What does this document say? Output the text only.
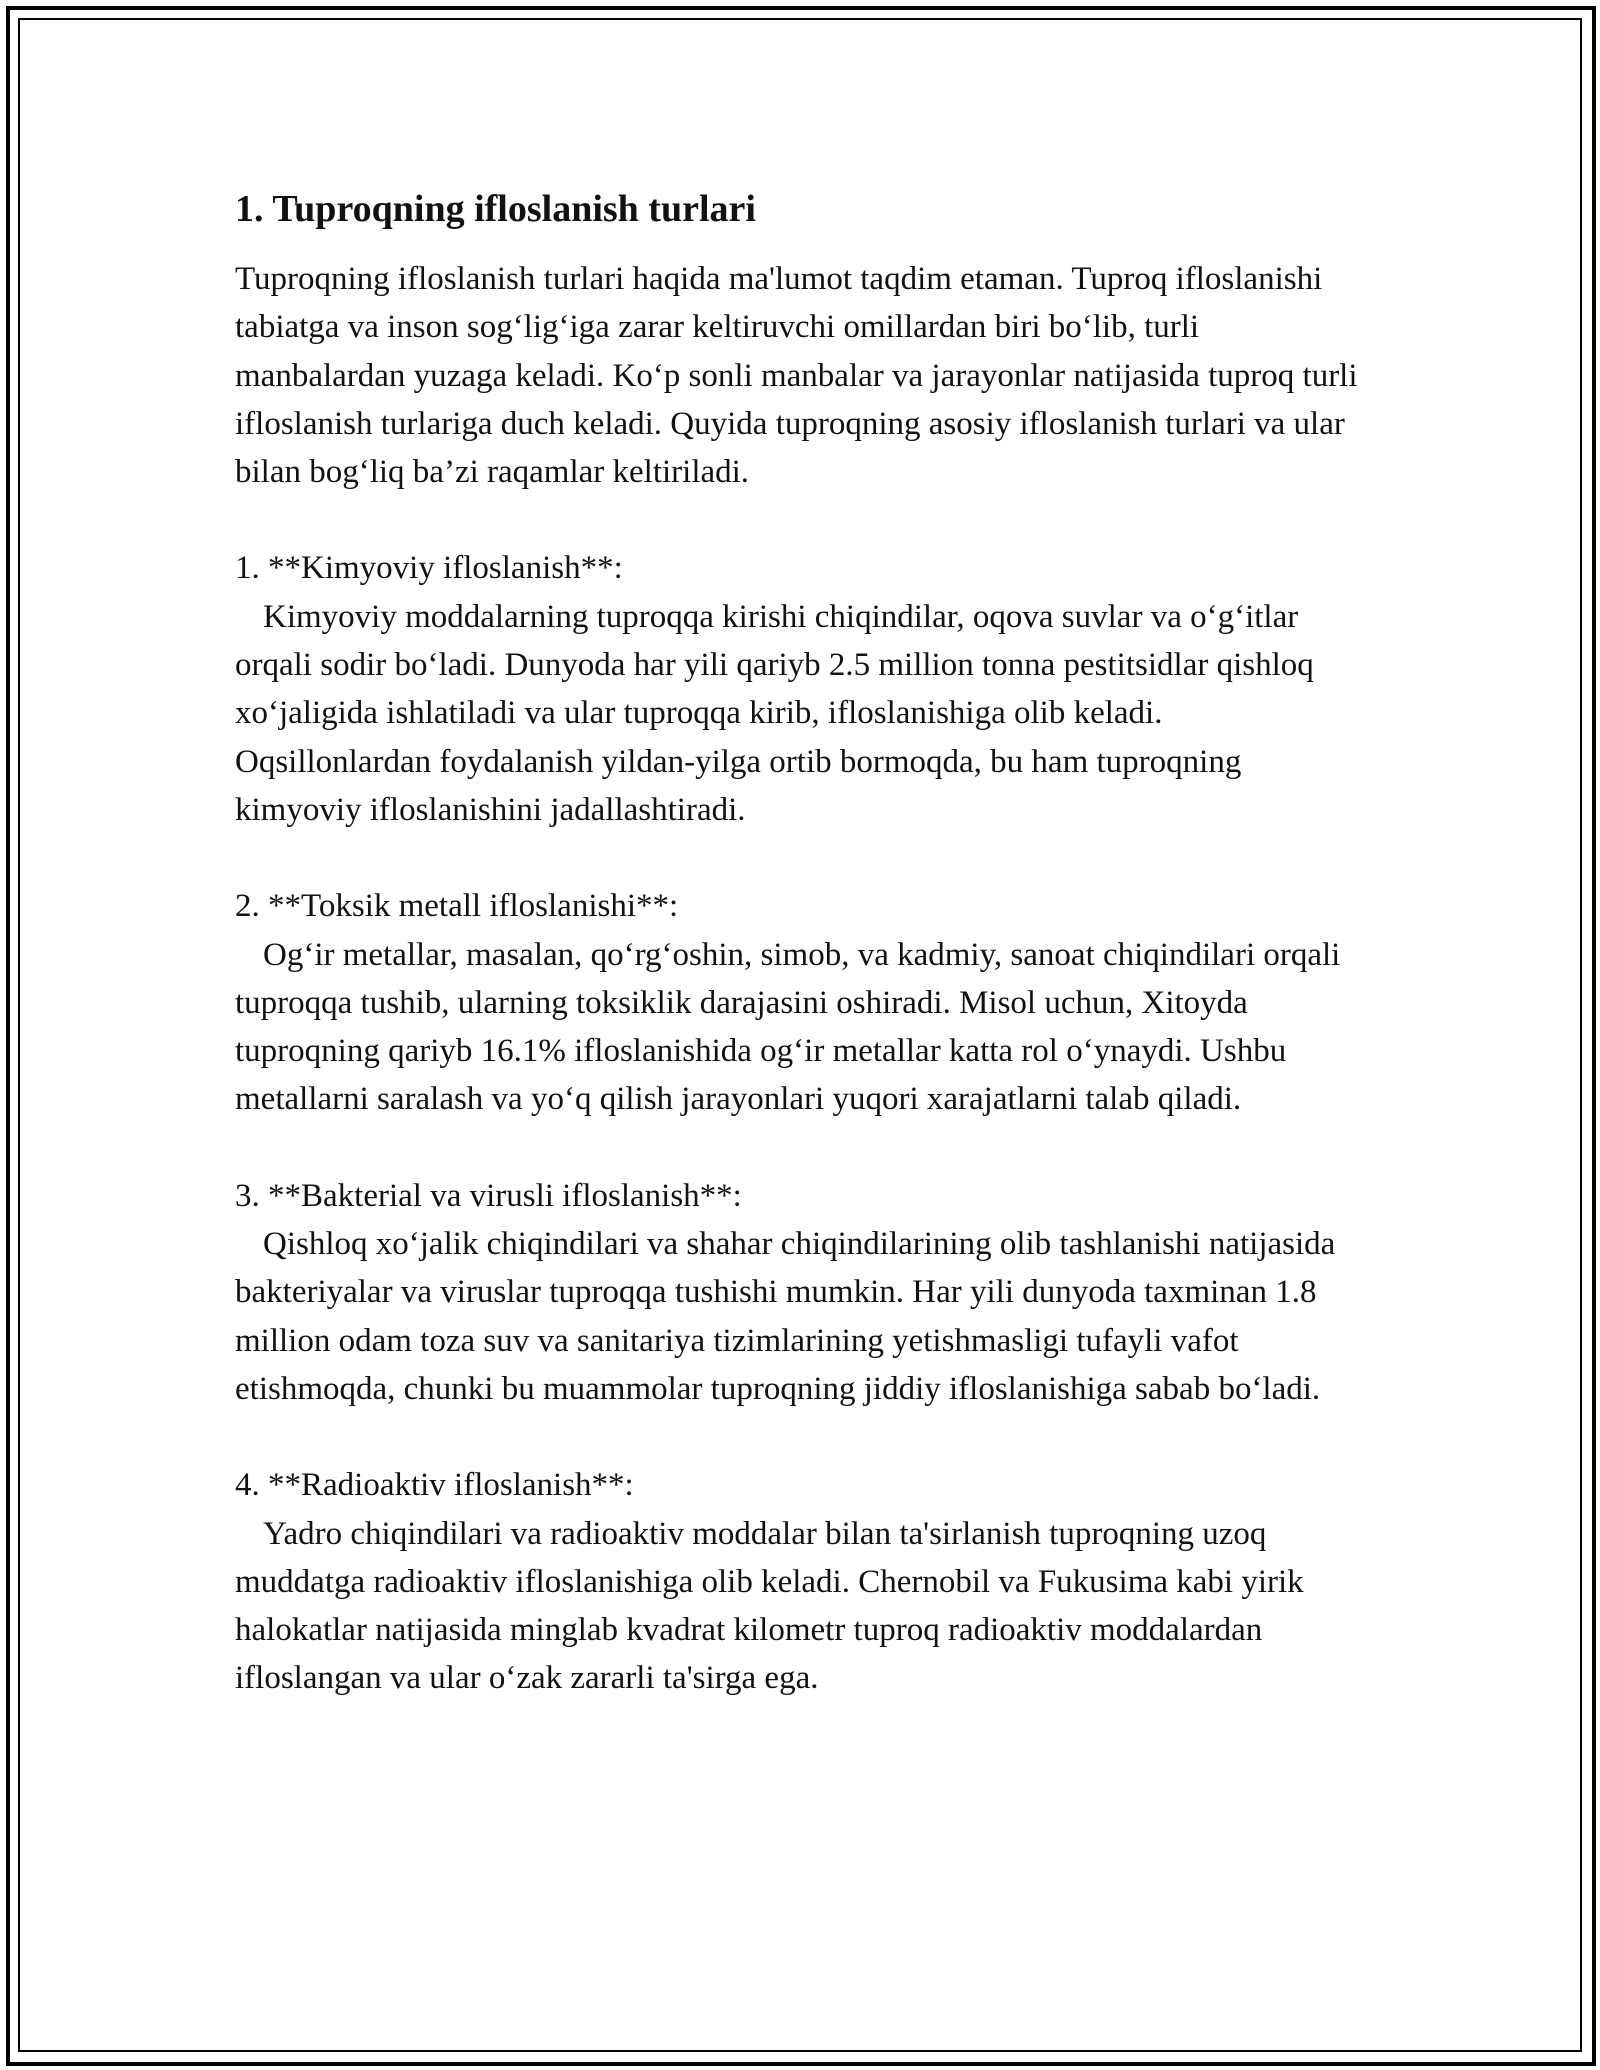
1. Tuproqning ifloslanish turlari

Tuproqning ifloslanish turlari haqida ma'lumot taqdim etaman. Tuproq ifloslanishi tabiatga va inson sog‘lig‘iga zarar keltiruvchi omillardan biri bo‘lib, turli manbalardan yuzaga keladi. Ko‘p sonli manbalar va jarayonlar natijasida tuproq turli ifloslanish turlariga duch keladi. Quyida tuproqning asosiy ifloslanish turlari va ular bilan bog‘liq ba’zi raqamlar keltiriladi.

1. **Kimyoviy ifloslanish**:

Kimyoviy moddalarning tuproqqa kirishi chiqindilar, oqova suvlar va o‘g‘itlar orqali sodir bo‘ladi. Dunyoda har yili qariyb 2.5 million tonna pestitsidlar qishloq xo‘jaligida ishlatiladi va ular tuproqqa kirib, ifloslanishiga olib keladi. Oqsillonlardan foydalanish yildan-yilga ortib bormoqda, bu ham tuproqning kimyoviy ifloslanishini jadallashtiradi.

2. **Toksik metall ifloslanishi**:

Og‘ir metallar, masalan, qo‘rg‘oshin, simob, va kadmiy, sanoat chiqindilari orqali tuproqqa tushib, ularning toksiklik darajasini oshiradi. Misol uchun, Xitoyda tuproqning qariyb 16.1% ifloslanishida og‘ir metallar katta rol o‘ynaydi. Ushbu metallarni saralash va yo‘q qilish jarayonlari yuqori xarajatlarni talab qiladi.

3. **Bakterial va virusli ifloslanish**:

Qishloq xo‘jalik chiqindilari va shahar chiqindilarining olib tashlanishi natijasida bakteriyalar va viruslar tuproqqa tushishi mumkin. Har yili dunyoda taxminan 1.8 million odam toza suv va sanitariya tizimlarining yetishmasligi tufayli vafot etishmoqda, chunki bu muammolar tuproqning jiddiy ifloslanishiga sabab bo‘ladi.

4. **Radioaktiv ifloslanish**:

Yadro chiqindilari va radioaktiv moddalar bilan ta'sirlanish tuproqning uzoq muddatga radioaktiv ifloslanishiga olib keladi. Chernobil va Fukusima kabi yirik halokatlar natijasida minglab kvadrat kilometr tuproq radioaktiv moddalardan ifloslangan va ular o‘zak zararli ta'sirga ega.
